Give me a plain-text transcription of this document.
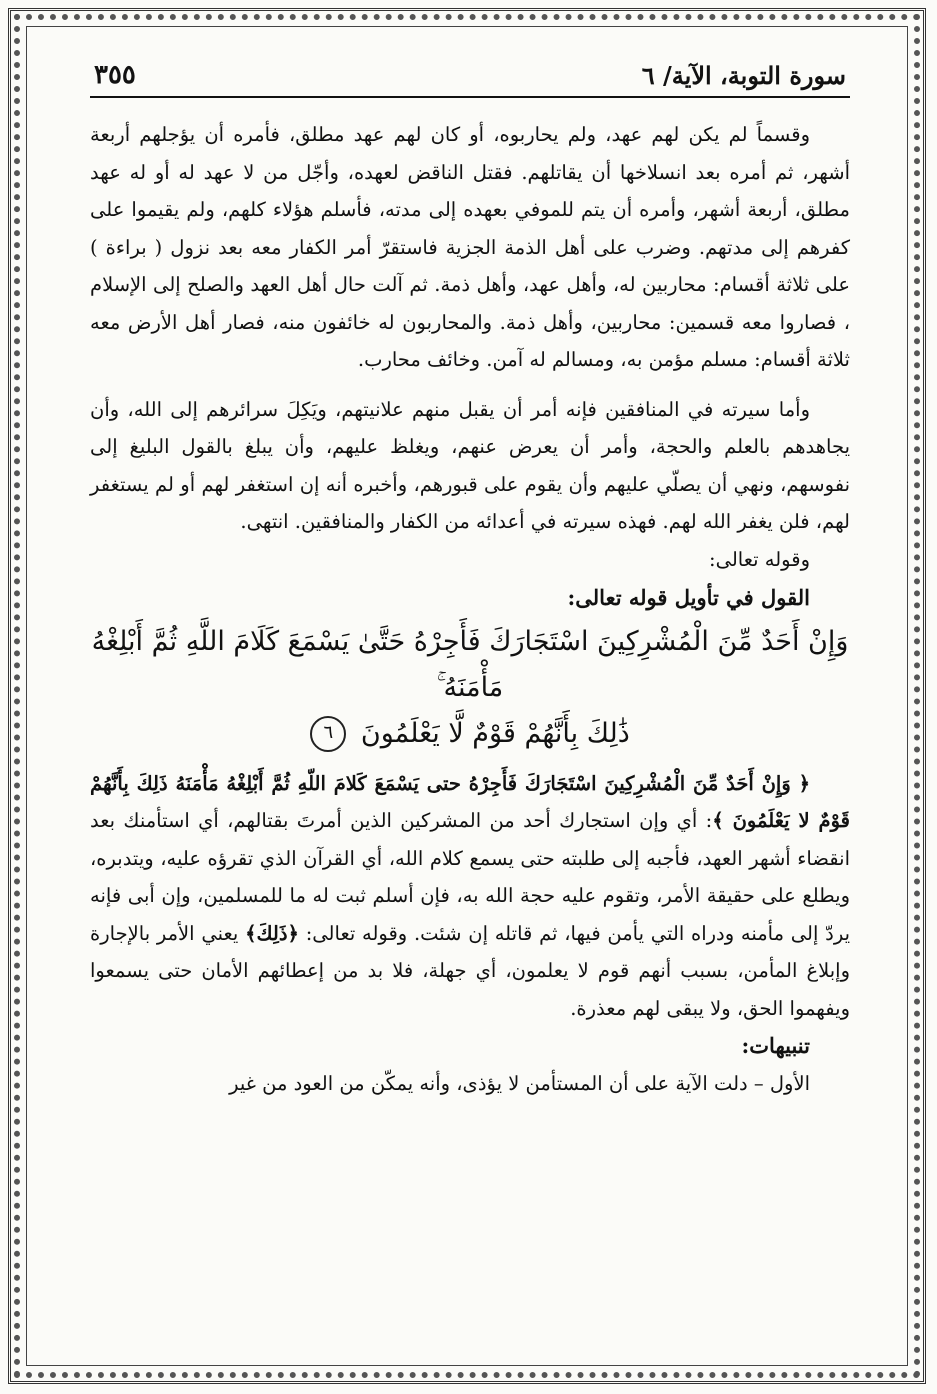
سورة التوبة، الآية/ ٦
٣٥٥

وقسماً لم يكن لهم عهد، ولم يحاربوه، أو كان لهم عهد مطلق، فأمره أن يؤجلهم أربعة أشهر، ثم أمره بعد انسلاخها أن يقاتلهم. فقتل الناقض لعهده، وأجّل من لا عهد له أو له عهد مطلق، أربعة أشهر، وأمره أن يتم للموفي بعهده إلى مدته، فأسلم هؤلاء كلهم، ولم يقيموا على كفرهم إلى مدتهم. وضرب على أهل الذمة الجزية فاستقرّ أمر الكفار معه بعد نزول ( براءة ) على ثلاثة أقسام: محاربين له، وأهل عهد، وأهل ذمة. ثم آلت حال أهل العهد والصلح إلى الإسلام ، فصاروا معه قسمين: محاربين، وأهل ذمة. والمحاربون له خائفون منه، فصار أهل الأرض معه ثلاثة أقسام: مسلم مؤمن به، ومسالم له آمن. وخائف محارب.

وأما سيرته في المنافقين فإنه أمر أن يقبل منهم علانيتهم، ويَكِلَ سرائرهم إلى الله، وأن يجاهدهم بالعلم والحجة، وأمر أن يعرض عنهم، ويغلظ عليهم، وأن يبلغ بالقول البليغ إلى نفوسهم، ونهي أن يصلّي عليهم وأن يقوم على قبورهم، وأخبره أنه إن استغفر لهم أو لم يستغفر لهم، فلن يغفر الله لهم. فهذه سيرته في أعدائه من الكفار والمنافقين. انتهى.

وقوله تعالى:
القول في تأويل قوله تعالى:
وَإِنْ أَحَدٌ مِّنَ الْمُشْرِكِينَ اسْتَجَارَكَ فَأَجِرْهُ حَتَّىٰ يَسْمَعَ كَلَامَ اللَّهِ ثُمَّ أَبْلِغْهُ مَأْمَنَهُ ۚ
ذَٰلِكَ بِأَنَّهُمْ قَوْمٌ لَّا يَعْلَمُونَ ٦

﴿ وَإِنْ أَحَدٌ مِّنَ الْمُشْرِكِينَ اسْتَجَارَكَ فَأَجِرْهُ حتى يَسْمَعَ كَلامَ اللّهِ ثُمَّ أَبْلِغْهُ مَأْمَنَهُ ذَلِكَ بِأَنَّهُمْ قَوْمٌ لا يَعْلَمُونَ ﴾: أي وإن استجارك أحد من المشركين الذين أمرتَ بقتالهم، أي استأمنك بعد انقضاء أشهر العهد، فأجبه إلى طلبته حتى يسمع كلام الله، أي القرآن الذي تقرؤه عليه، ويتدبره، ويطلع على حقيقة الأمر، وتقوم عليه حجة الله به، فإن أسلم ثبت له ما للمسلمين، وإن أبى فإنه يردّ إلى مأمنه ودراه التي يأمن فيها، ثم قاتله إن شئت. وقوله تعالى: ﴿ذَلِكَ﴾ يعني الأمر بالإجارة وإبلاغ المأمن، بسبب أنهم قوم لا يعلمون، أي جهلة، فلا بد من إعطائهم الأمان حتى يسمعوا ويفهموا الحق، ولا يبقى لهم معذرة.

تنبيهات:

الأول – دلت الآية على أن المستأمن لا يؤذى، وأنه يمكّن من العود من غير
